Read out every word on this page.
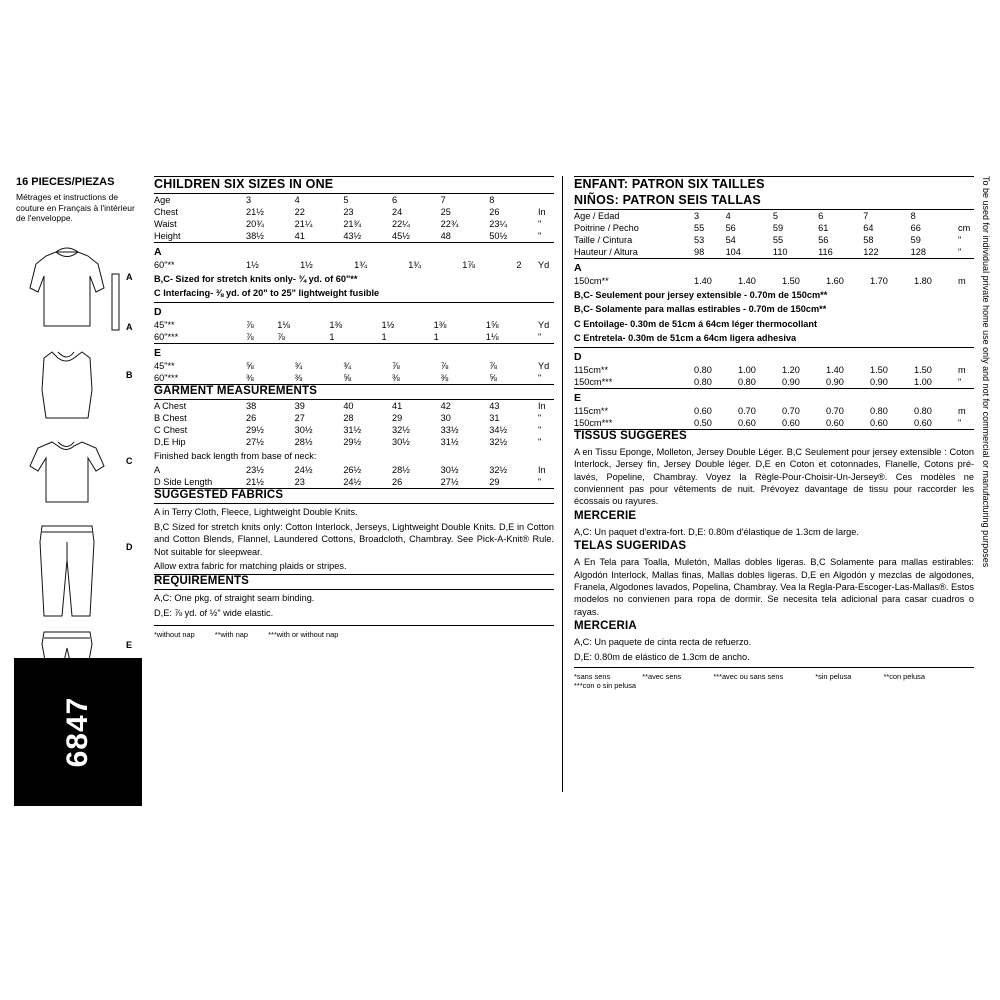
16 PIECES/PIEZAS
Métrages et instructions de couture en Français à l'intérieur de l'enveloppe.
A
A
B
C
D
E
6847
CHILDREN SIX SIZES IN ONE
Age	3	4	5	6	7	8	
Chest	21½	22	23	24	25	26	In
Waist	20¾	21¼	21¾	22¼	22¾	23¼	"
Height	38½	41	43½	45½	48	50½	"
A
60"**			1½	1½	1¾	1¾	1⅞	2	Yd
B,C- Sized for stretch knits only- ¾ yd. of 60"**
C Interfacing- ⅜ yd. of 20" to 25" lightweight fusible
D
45"**	⅞	1⅛	1⅜	1½	1⅜	1⅝	Yd
60"***	⅞	⅞	1	1	1	1⅛	"
E
45"**	⅝	¾	¾	⅞	⅞	⅞	Yd
60"***	⅜	⅜	⅝	⅜	⅜	⅝	"
GARMENT MEASUREMENTS
A Chest	38	39	40	41	42	43	In
B Chest	26	27	28	29	30	31	"
C Chest	29½	30½	31½	32½	33½	34½	"
D,E Hip	27½	28½	29½	30½	31½	32½	"
Finished back length from base of neck:
A	23½	24½	26½	28½	30½	32½	In
D Side Length	21½	23	24½	26	27½	29	"
SUGGESTED FABRICS
A in Terry Cloth, Fleece, Lightweight Double Knits.
B,C Sized for stretch knits only: Cotton Interlock, Jerseys, Lightweight Double Knits. D,E in Cotton and Cotton Blends, Flannel, Laundered Cottons, Broadcloth, Chambray. See Pick-A-Knit® Rule. Not suitable for sleepwear.
Allow extra fabric for matching plaids or stripes.
REQUIREMENTS
A,C: One pkg. of straight seam binding.
D,E: ⅞ yd. of ½" wide elastic.
*without nap	**with nap	***with or without nap
ENFANT: PATRON SIX TAILLES
NIÑOS: PATRON SEIS TALLAS
Age / Edad	3	4	5	6	7	8	
Poitrine / Pecho	55	56	59	61	64	66	cm
Taille / Cintura	53	54	55	56	58	59	"
Hauteur / Altura	98	104	110	116	122	128	"
A
150cm**	1.40	1.40	1.50	1.60	1.70	1.80	m
B,C- Seulement pour jersey extensible - 0.70m de 150cm**
B,C- Solamente para mallas estirables - 0.70m de 150cm**
C Entoilage- 0.30m de 51cm á 64cm léger thermocollant
C Entretela- 0.30m de 51cm a 64cm ligera adhesiva
D
115cm**	0.80	1.00	1.20	1.40	1.50	1.50	m
150cm***	0.80	0.80	0.90	0.90	0.90	1.00	"
E
115cm**	0.60	0.70	0.70	0.70	0.80	0.80	m
150cm***	0.50	0.60	0.60	0.60	0.60	0.60	"
TISSUS SUGGERES
A en Tissu Eponge, Molleton, Jersey Double Léger. B,C Seulement pour jersey extensible : Coton Interlock, Jersey fin, Jersey Double léger. D,E en Coton et cotonnades, Flanelle, Cotons pré-lavés, Popeline, Chambray. Voyez la Règle-Pour-Choisir-Un-Jersey®. Ces modèles ne conviennent pas pour vêtements de nuit. Prévoyez davantage de tissu pour raccorder les écossais ou rayures.
MERCERIE
A,C: Un paquet d'extra-fort. D,E: 0.80m d'élastique de 1.3cm de large.
TELAS SUGERIDAS
A En Tela para Toalla, Muletón, Mallas dobles ligeras. B,C Solamente para mallas estirables: Algodón Interlock, Mallas finas, Mallas dobles ligeras. D,E en Algodón y mezclas de algodones, Franela, Algodones lavados, Popelina, Chambray. Vea la Regla-Para-Escoger-Las-Mallas®. Estos modelos no convienen para ropa de dormir. Se necesita tela adicional para casar cuadros o rayas.
MERCERIA
A,C: Un paquete de cinta recta de refuerzo.
D,E: 0.80m de elástico de 1.3cm de ancho.
*sans sens	**avec sens	***avec ou sans sens	*sin pelusa	**con pelusa ***con o sin pelusa
To be used for individual private home use only and not for commercial or manufacturing purposes
